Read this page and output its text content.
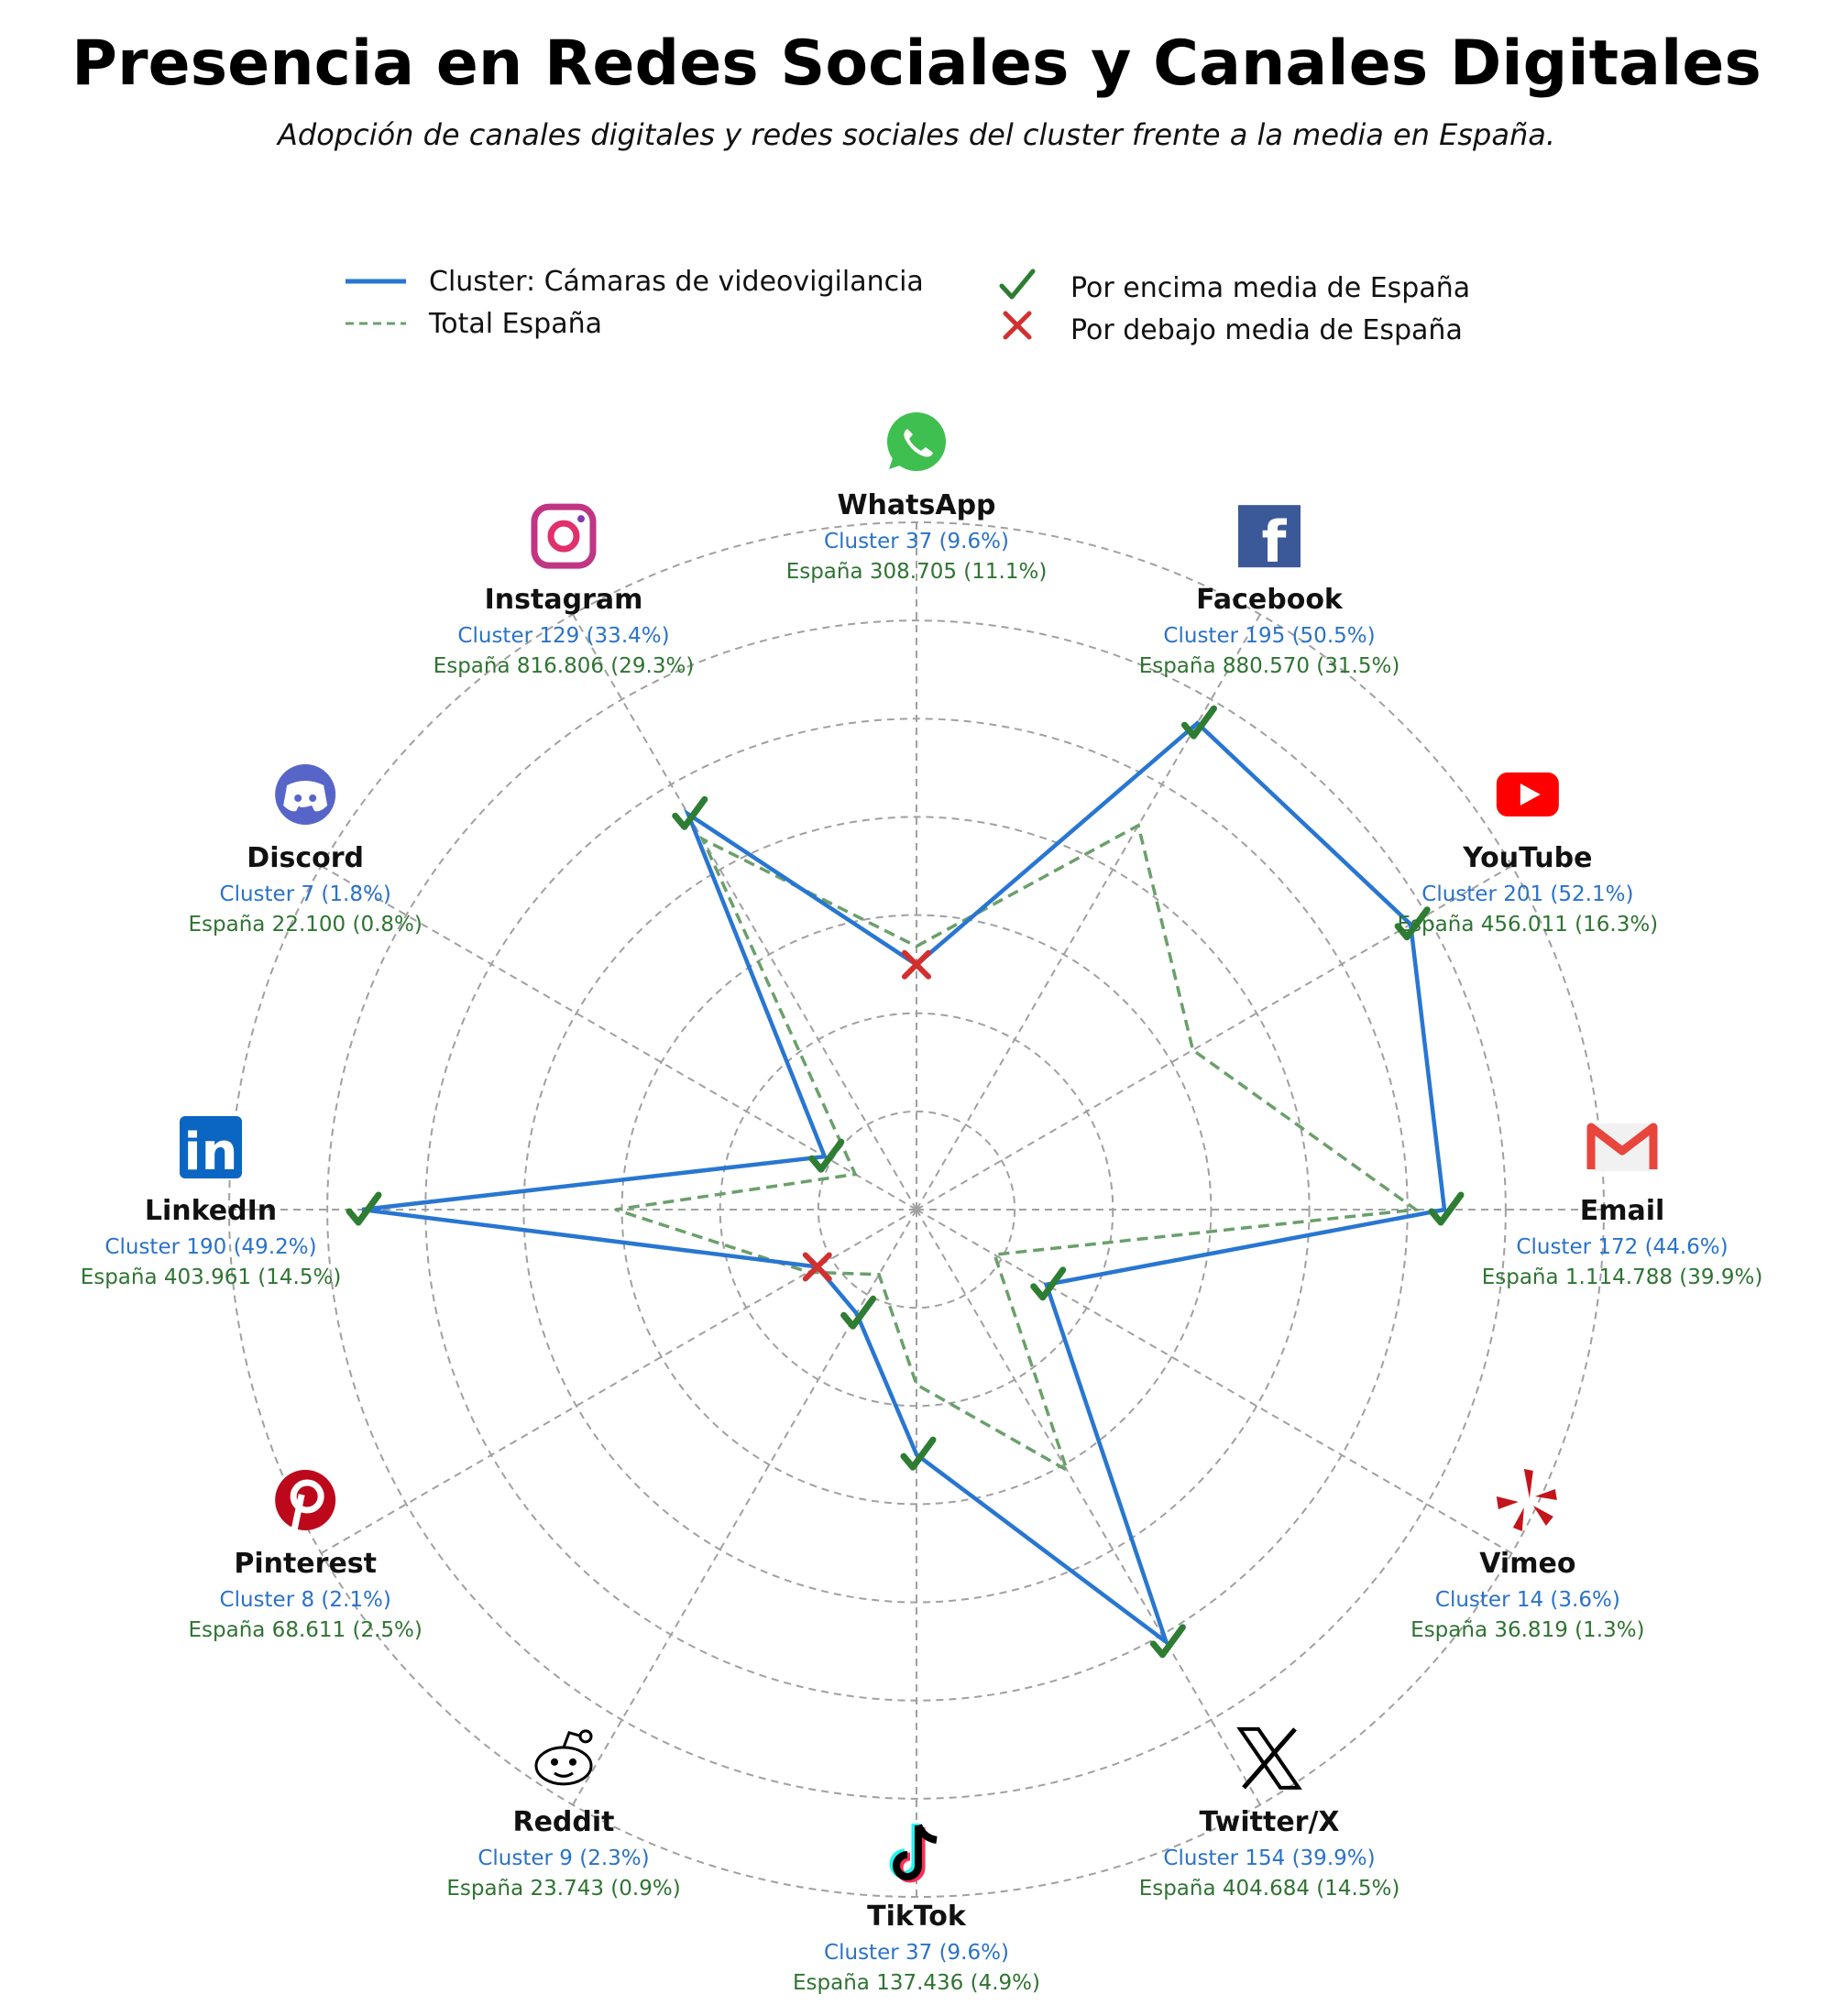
Presencia en Redes Sociales y Canales Digitales
Adopción de canales digitales y redes sociales del cluster frente a la media en España.
Cluster: Cámaras de videovigilancia
Total España
Por encima media de España
Por debajo media de España
WhatsApp
Cluster 37 (9.6%)
España 308.705 (11.1%)	f
Facebook
Cluster 195 (50.5%)
España 880.570 (31.5%)
YouTube
Cluster 201 (52.1%)
España 456.011 (16.3%)
Email
Cluster 172 (44.6%)
España 1.114.788 (39.9%)
Vimeo
Cluster 14 (3.6%)
España 36.819 (1.3%)
Twitter/X
Cluster 154 (39.9%)
España 404.684 (14.5%)
TikTok
Cluster 37 (9.6%)
España 137.436 (4.9%)
Reddit
Cluster 9 (2.3%)
España 23.743 (0.9%)
Pinterest
Cluster 8 (2.1%)
España 68.611 (2.5%)
in
LinkedIn
Cluster 190 (49.2%)
España 403.961 (14.5%)
Discord
Cluster 7 (1.8%)
España 22.100 (0.8%)
Instagram
Cluster 129 (33.4%)
España 816.806 (29.3%)
